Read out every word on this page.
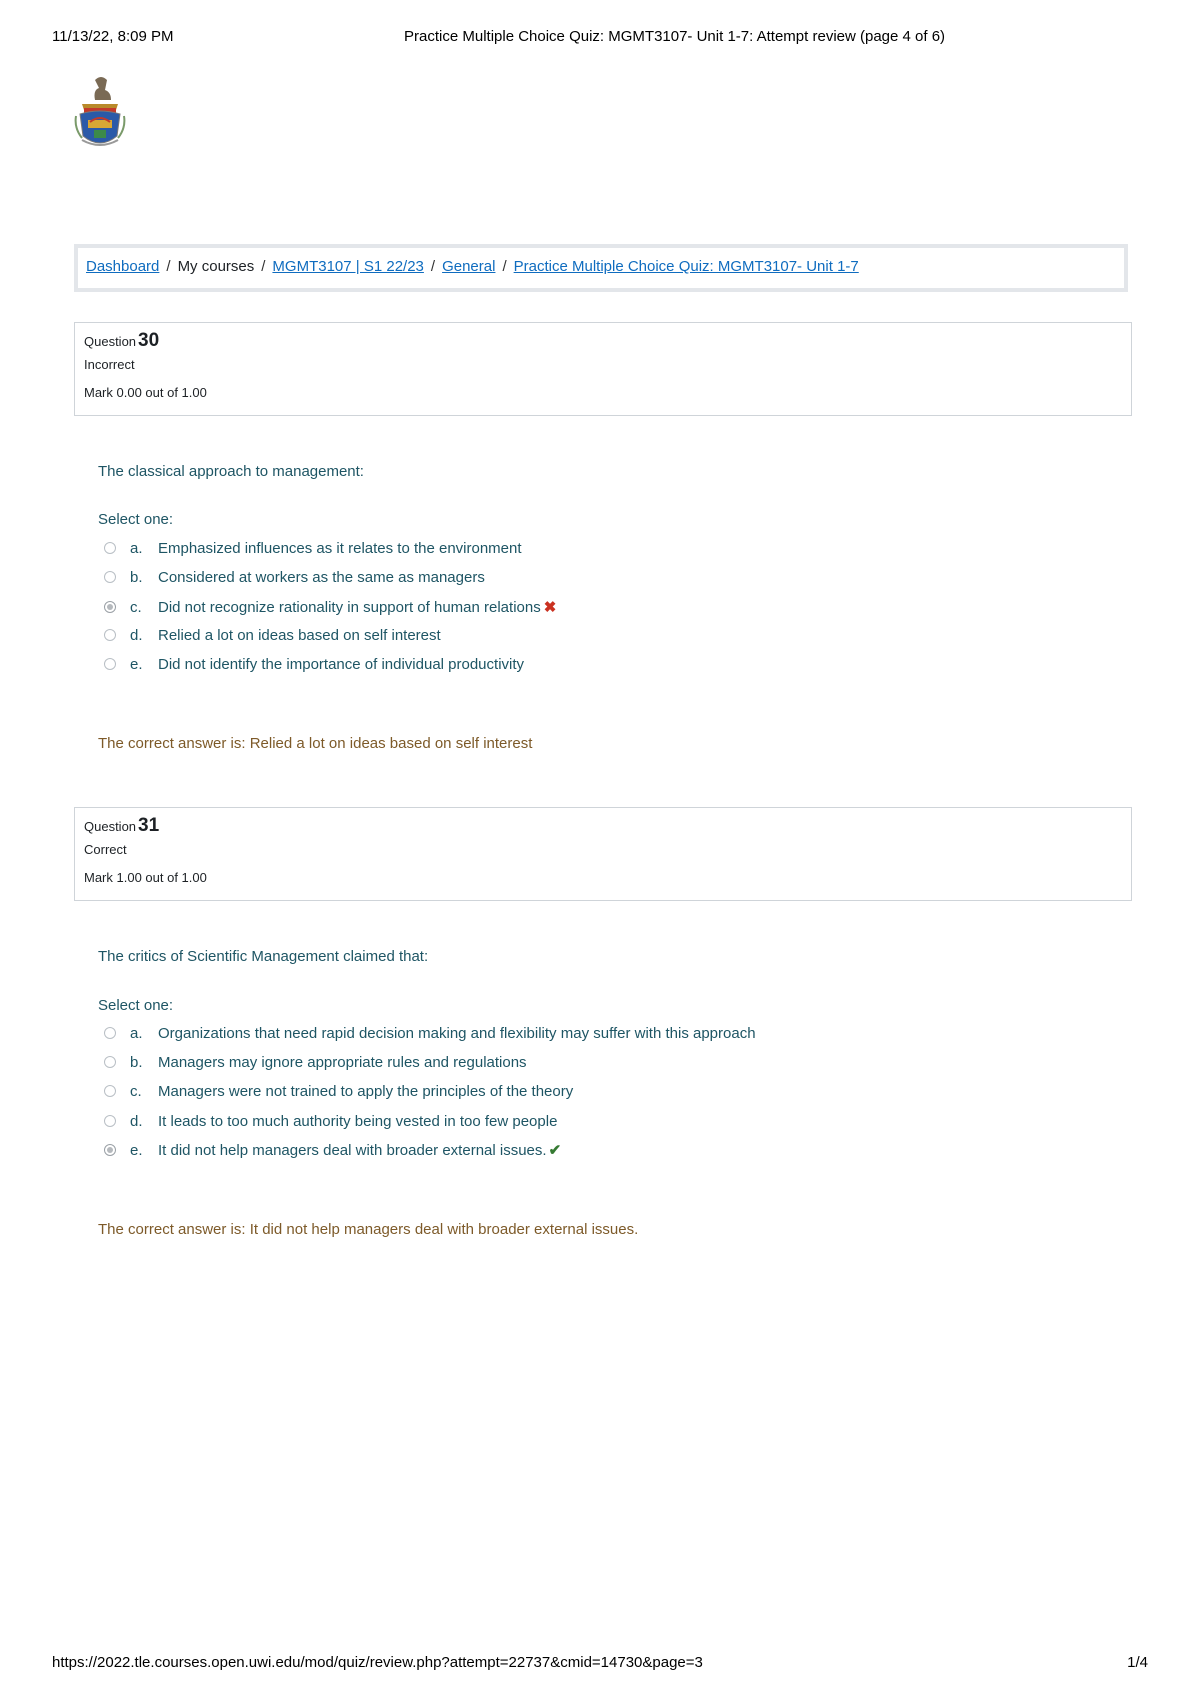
11/13/22, 8:09 PM	Practice Multiple Choice Quiz: MGMT3107- Unit 1-7: Attempt review (page 4 of 6)
Dashboard / My courses / MGMT3107 | S1 22/23 / General / Practice Multiple Choice Quiz: MGMT3107- Unit 1-7
Question 30
Incorrect
Mark 0.00 out of 1.00
The classical approach to management:
Select one:
a. Emphasized influences as it relates to the environment
b. Considered at workers as the same as managers
c. Did not recognize rationality in support of human relations ✖
d. Relied a lot on ideas based on self interest
e. Did not identify the importance of individual productivity
The correct answer is: Relied a lot on ideas based on self interest
Question 31
Correct
Mark 1.00 out of 1.00
The critics of Scientific Management claimed that:
Select one:
a. Organizations that need rapid decision making and flexibility may suffer with this approach
b. Managers may ignore appropriate rules and regulations
c. Managers were not trained to apply the principles of the theory
d. It leads to too much authority being vested in too few people
e. It did not help managers deal with broader external issues. ✔
The correct answer is: It did not help managers deal with broader external issues.
https://2022.tle.courses.open.uwi.edu/mod/quiz/review.php?attempt=22737&cmid=14730&page=3	1/4
